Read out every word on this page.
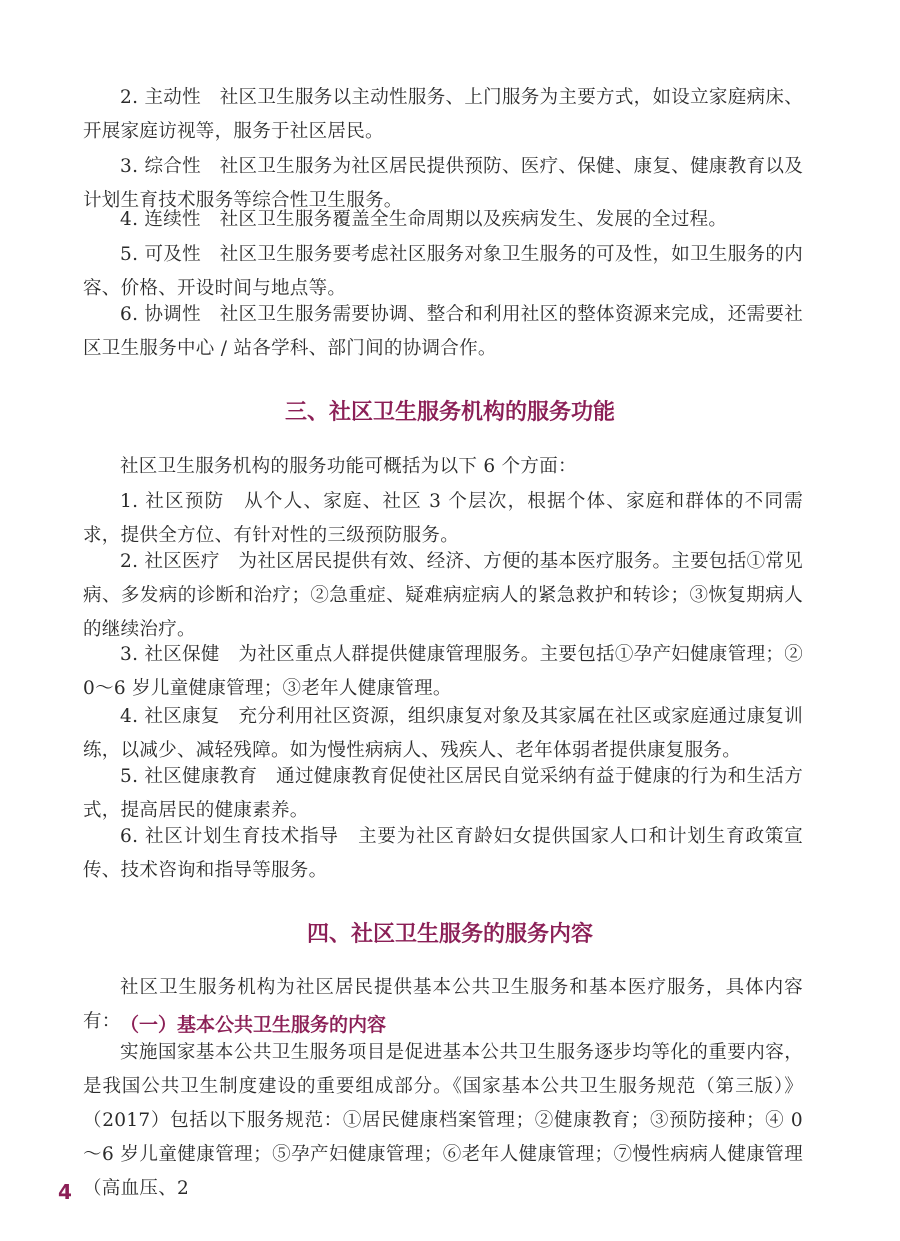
2. 主动性　社区卫生服务以主动性服务、上门服务为主要方式，如设立家庭病床、开展家庭访视等，服务于社区居民。

3. 综合性　社区卫生服务为社区居民提供预防、医疗、保健、康复、健康教育以及计划生育技术服务等综合性卫生服务。

4. 连续性　社区卫生服务覆盖全生命周期以及疾病发生、发展的全过程。

5. 可及性　社区卫生服务要考虑社区服务对象卫生服务的可及性，如卫生服务的内容、价格、开设时间与地点等。

6. 协调性　社区卫生服务需要协调、整合和利用社区的整体资源来完成，还需要社区卫生服务中心 / 站各学科、部门间的协调合作。

三、社区卫生服务机构的服务功能

社区卫生服务机构的服务功能可概括为以下 6 个方面：

1. 社区预防　从个人、家庭、社区 3 个层次，根据个体、家庭和群体的不同需求，提供全方位、有针对性的三级预防服务。

2. 社区医疗　为社区居民提供有效、经济、方便的基本医疗服务。主要包括①常见病、多发病的诊断和治疗；②急重症、疑难病症病人的紧急救护和转诊；③恢复期病人的继续治疗。

3. 社区保健　为社区重点人群提供健康管理服务。主要包括①孕产妇健康管理；② 0～6 岁儿童健康管理；③老年人健康管理。

4. 社区康复　充分利用社区资源，组织康复对象及其家属在社区或家庭通过康复训练，以减少、减轻残障。如为慢性病病人、残疾人、老年体弱者提供康复服务。

5. 社区健康教育　通过健康教育促使社区居民自觉采纳有益于健康的行为和生活方式，提高居民的健康素养。

6. 社区计划生育技术指导　主要为社区育龄妇女提供国家人口和计划生育政策宣传、技术咨询和指导等服务。

四、社区卫生服务的服务内容

社区卫生服务机构为社区居民提供基本公共卫生服务和基本医疗服务，具体内容有： （一）基本公共卫生服务的内容

实施国家基本公共卫生服务项目是促进基本公共卫生服务逐步均等化的重要内容，是我国公共卫生制度建设的重要组成部分。《国家基本公共卫生服务规范（第三版）》（2017）包括以下服务规范：①居民健康档案管理；②健康教育；③预防接种；④ 0～6 岁儿童健康管理；⑤孕产妇健康管理；⑥老年人健康管理；⑦慢性病病人健康管理（高血压、2

4
